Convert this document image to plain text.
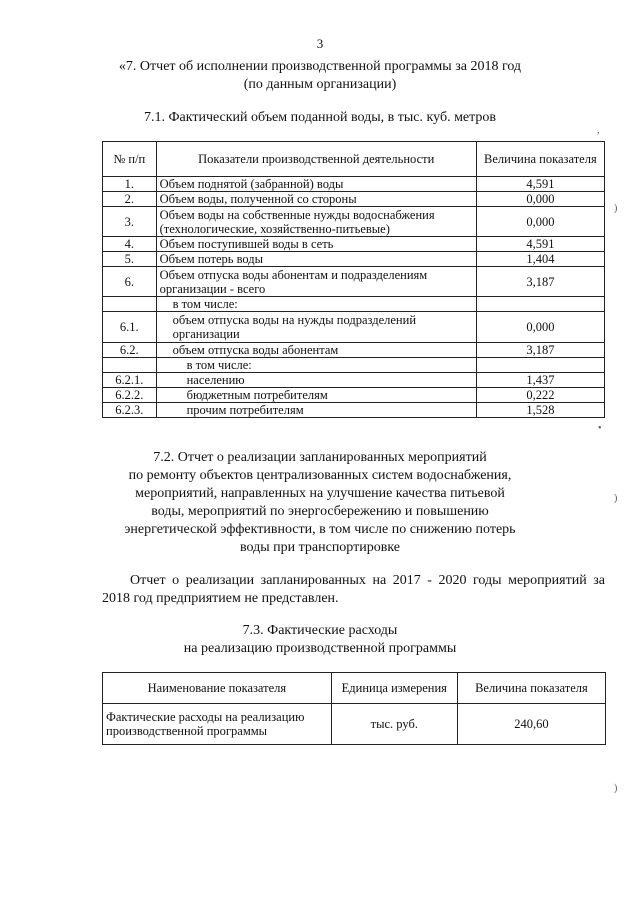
3
«7. Отчет об исполнении производственной программы за 2018 год
(по данным организации)
7.1. Фактический объем поданной воды, в тыс. куб. метров
№ п/п	Показатели производственной деятельности	Величина показателя
1.	Объем поднятой (забранной) воды	4,591
2.	Объем воды, полученной со стороны	0,000
3.	Объем воды на собственные нужды водоснабжения (технологические, хозяйственно-питьевые)	0,000
4.	Объем поступившей воды в сеть	4,591
5.	Объем потерь воды	1,404
6.	Объем отпуска воды абонентам и подразделениям организации - всего	3,187
	в том числе:	
6.1.	объем отпуска воды на нужды подразделений организации	0,000
6.2.	объем отпуска воды абонентам	3,187
	в том числе:	
6.2.1.	населению	1,437
6.2.2.	бюджетным потребителям	0,222
6.2.3.	прочим потребителям	1,528
7.2. Отчет о реализации запланированных мероприятий
по ремонту объектов централизованных систем водоснабжения,
мероприятий, направленных на улучшение качества питьевой
воды, мероприятий по энергосбережению и повышению
энергетической эффективности, в том числе по снижению потерь
воды при транспортировке
Отчет о реализации запланированных на 2017 - 2020 годы мероприятий за 2018 год предприятием не представлен.
7.3. Фактические расходы
на реализацию производственной программы
Наименование показателя	Единица измерения	Величина показателя
Фактические расходы на реализацию производственной программы	тыс. руб.	240,60
,
)
•
)
)
